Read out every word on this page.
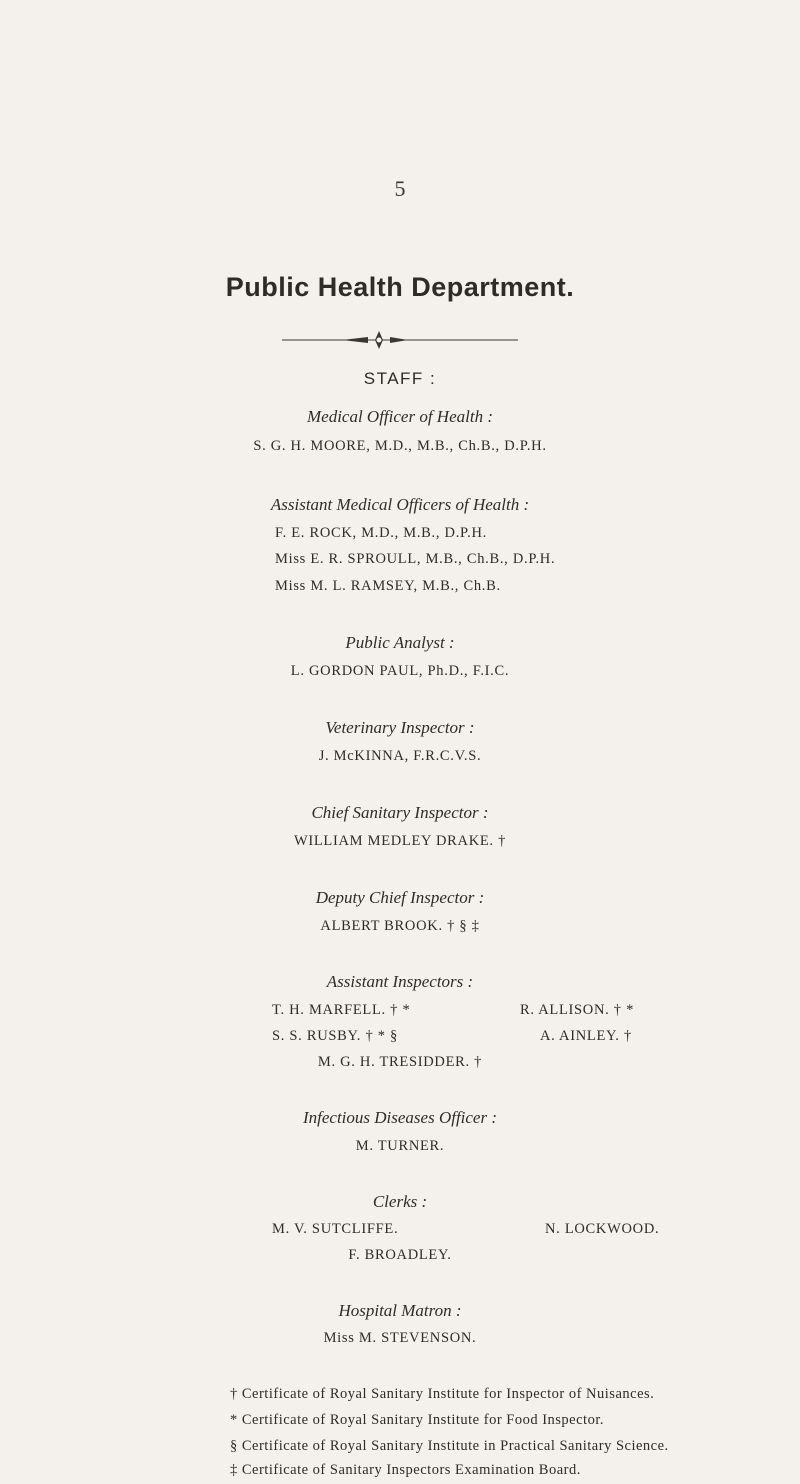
5
Public Health Department.
STAFF :
Medical Officer of Health :
S. G. H. MOORE, M.D., M.B., Ch.B., D.P.H.
Assistant Medical Officers of Health :
F. E. ROCK, M.D., M.B., D.P.H.
Miss E. R. SPROULL, M.B., Ch.B., D.P.H.
Miss M. L. RAMSEY, M.B., Ch.B.
Public Analyst :
L. GORDON PAUL, Ph.D., F.I.C.
Veterinary Inspector :
J. McKINNA, F.R.C.V.S.
Chief Sanitary Inspector :
WILLIAM MEDLEY DRAKE. †
Deputy Chief Inspector :
ALBERT BROOK. † § ‡
Assistant Inspectors :
T. H. MARFELL. † *	R. ALLISON. † *
S. S. RUSBY. † * §	A. AINLEY. †
M. G. H. TRESIDDER. †
Infectious Diseases Officer :
M. TURNER.
Clerks :
M. V. SUTCLIFFE.	N. LOCKWOOD.
F. BROADLEY.
Hospital Matron :
Miss M. STEVENSON.
† Certificate of Royal Sanitary Institute for Inspector of Nuisances.
* Certificate of Royal Sanitary Institute for Food Inspector.
§ Certificate of Royal Sanitary Institute in Practical Sanitary Science.
‡ Certificate of Sanitary Inspectors Examination Board.
